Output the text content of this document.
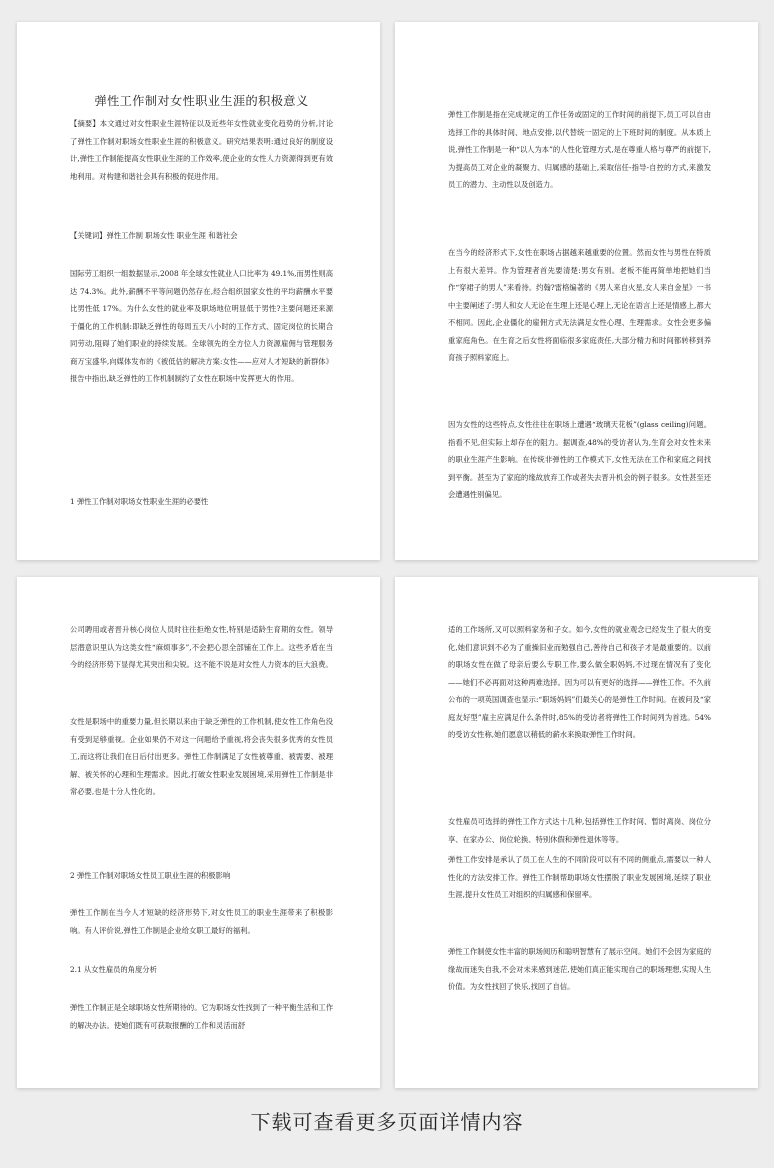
弹性工作制对女性职业生涯的积极意义

【摘要】本文通过对女性职业生涯特征以及近些年女性就业变化趋势的分析,讨论了弹性工作制对职场女性职业生涯的积极意义。研究结果表明:通过良好的制度设计,弹性工作制能提高女性职业生涯的工作效率,使企业的女性人力资源得到更有效地利用。对构建和谐社会具有积极的促进作用。

【关键词】弹性工作制 职场女性 职业生涯 和谐社会

国际劳工组织一组数据显示,2008 年全球女性就业人口比率为 49.1%,而男性则高达 74.3%。此外,薪酬不平等问题仍然存在,经合组织国家女性的平均薪酬水平要比男性低 17%。为什么女性的就业率及职场地位明显低于男性?主要问题还来源于僵化的工作机制:即缺乏弹性的每周五天八小时的工作方式、固定岗位的长期合同劳动,阻碍了她们职业的持续发展。全球领先的全方位人力资源雇佣与管理服务商万宝盛华,向媒体发布的《被低估的解决方案:女性——应对人才短缺的新群体》报告中指出,缺乏弹性的工作机制制约了女性在职场中发挥更大的作用。

1 弹性工作制对职场女性职业生涯的必要性

弹性工作制是指在完成规定的工作任务或固定的工作时间的前提下,员工可以自由选择工作的具体时间、地点安排,以代替统一固定的上下班时间的制度。从本质上说,弹性工作制是一种“以人为本”的人性化管理方式,是在尊重人格与尊严的前提下,为提高员工对企业的凝聚力、归属感的基础上,采取信任-指导-自控的方式,来激发员工的潜力、主动性以及创造力。

在当今的经济形式下,女性在职场占据越来越重要的位置。然而女性与男性在特质上有很大差异。作为管理者首先要清楚:男女有别。老板不能再简单地把她们当作“穿裙子的男人”来看待。约翰?雷格编著的《男人来自火星,女人来自金星》一书中主要阐述了:男人和女人无论在生理上还是心理上,无论在语言上还是情感上,都大不相同。因此,企业僵化的雇佣方式无法满足女性心理、生理需求。女性会更多偏重家庭角色。在生育之后女性将面临很多家庭责任,大部分精力和时间都转移到养育孩子照料家庭上。

因为女性的这些特点,女性往往在职场上遭遇“玻璃天花板”(glass ceiling)问题。指看不见,但实际上却存在的阻力。据调查,48%的受访者认为,生育会对女性未来的职业生涯产生影响。在传统非弹性的工作模式下,女性无法在工作和家庭之间找到平衡。甚至为了家庭的缘故放弃工作或者失去晋升机会的例子很多。女性甚至还会遭遇性别偏见。

公司聘用或者晋升核心岗位人员时往往拒绝女性,特别是适龄生育期的女性。领导层潜意识里认为这类女性“麻烦事多”,不会把心思全部铺在工作上。这些矛盾在当今的经济形势下显得尤其突出和尖锐。这不能不说是对女性人力资本的巨大浪费。

女性是职场中的重要力量,但长期以来由于缺乏弹性的工作机制,使女性工作角色没有受到足够重视。企业如果仍不对这一问题给予重视,将会丧失很多优秀的女性员工,而这将让我们在日后付出更多。弹性工作制满足了女性被尊重、被需要、被理解、被关怀的心理和生理需求。因此,打破女性职业发展困境,采用弹性工作制是非常必要,也是十分人性化的。

2 弹性工作制对职场女性员工职业生涯的积极影响

弹性工作制在当今人才短缺的经济形势下,对女性员工的职业生涯带来了积极影响。有人评价说,弹性工作制是企业给女职工最好的福利。

2.1 从女性雇员的角度分析

弹性工作制正是全球职场女性所期待的。它为职场女性找到了一种平衡生活和工作的解决办法。使她们既有可获取报酬的工作和灵活而舒

适的工作场所,又可以照料家务和子女。如今,女性的就业观念已经发生了很大的变化,她们意识到不必为了重操旧业而勉强自己,善待自己和孩子才是最重要的。以前的职场女性在做了母亲后要么专职工作,要么做全职妈妈,不过现在情况有了变化——她们不必再面对这种两难选择。因为可以有更好的选择——弹性工作。不久前公布的一项英国调查也显示:“职场妈妈”们最关心的是弹性工作时间。在被问及“家庭友好型”雇主应满足什么条件时,85%的受访者将弹性工作时间列为首选。54%的受访女性称,她们愿意以稍低的薪水来换取弹性工作时间。

女性雇员可选择的弹性工作方式达十几种,包括弹性工作时间、暂时离岗、岗位分享、在家办公、岗位轮换、特别休假和弹性退休等等。

弹性工作安排是承认了员工在人生的不同阶段可以有不同的侧重点,需要以一种人性化的方法安排工作。弹性工作制帮助职场女性摆脱了职业发展困境,延续了职业生涯,提升女性员工对组织的归属感和保留率。

弹性工作制使女性丰富的职场阅历和聪明智慧有了展示空间。她们不会因为家庭的缘故而迷失自我,不会对未来感到迷茫,使她们真正能实现自己的职场理想,实现人生价值。为女性找回了快乐,找回了自信。

下载可查看更多页面详情内容
